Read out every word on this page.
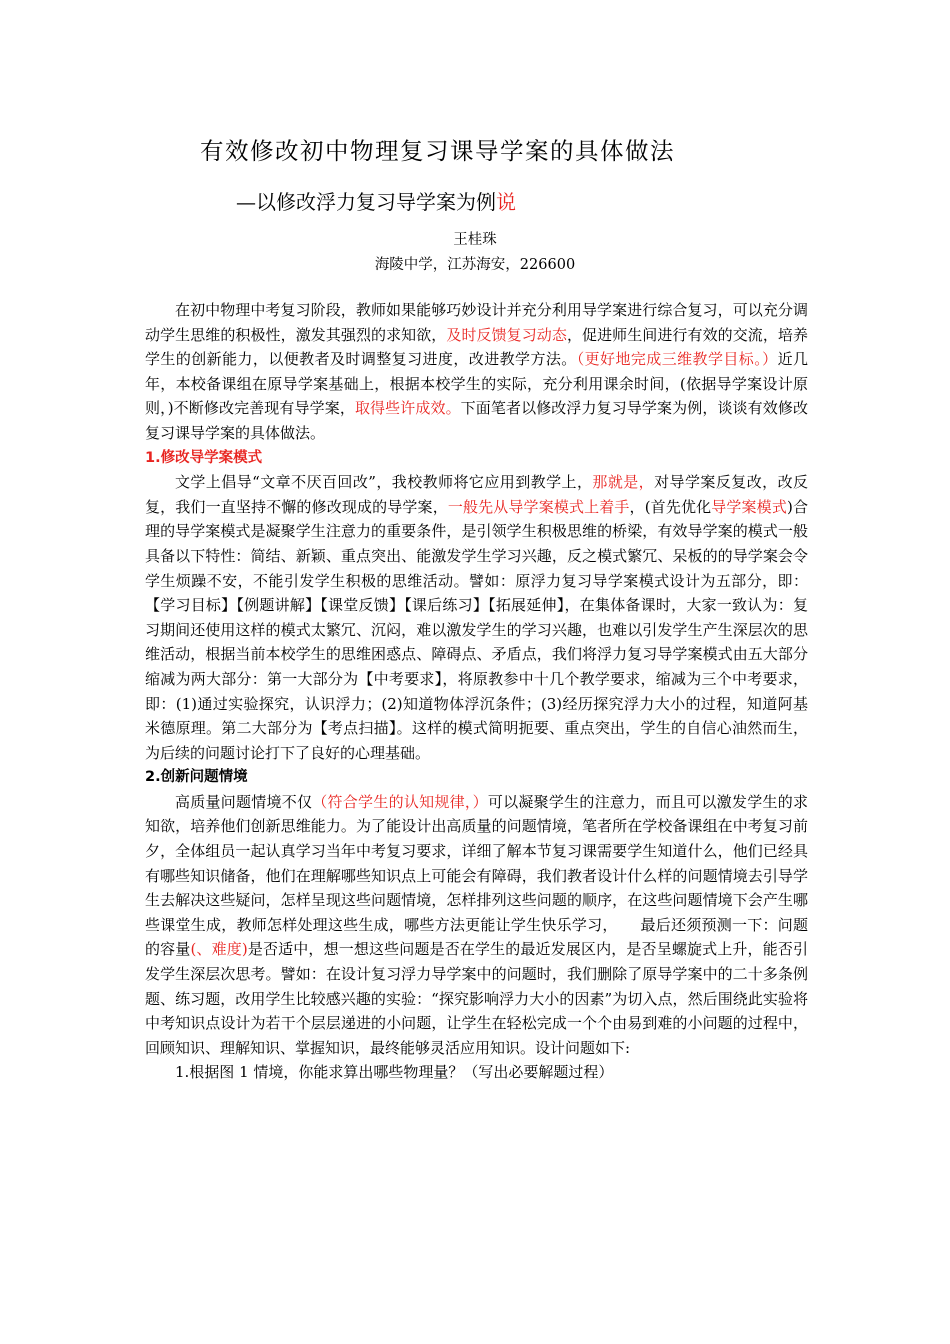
有效修改初中物理复习课导学案的具体做法
—以修改浮力复习导学案为例说
王桂珠
海陵中学，江苏海安，226600

在初中物理中考复习阶段，教师如果能够巧妙设计并充分利用导学案进行综合复习，可以充分调动学生思维的积极性，激发其强烈的求知欲，及时反馈复习动态，促进师生间进行有效的交流，培养学生的创新能力，以便教者及时调整复习进度，改进教学方法。（更好地完成三维教学目标。）近几年，本校备课组在原导学案基础上，根据本校学生的实际，充分利用课余时间，(依据导学案设计原则，)不断修改完善现有导学案，取得些许成效。下面笔者以修改浮力复习导学案为例，谈谈有效修改复习课导学案的具体做法。

1.修改导学案模式

文学上倡导“文章不厌百回改”，我校教师将它应用到教学上，那就是，对导学案反复改，改反复，我们一直坚持不懈的修改现成的导学案，一般先从导学案模式上着手，(首先优化导学案模式)合理的导学案模式是凝聚学生注意力的重要条件，是引领学生积极思维的桥梁，有效导学案的模式一般具备以下特性：简结、新颖、重点突出、能激发学生学习兴趣，反之模式繁冗、呆板的的导学案会令学生烦躁不安，不能引发学生积极的思维活动。譬如：原浮力复习导学案模式设计为五部分，即：【学习目标】【例题讲解】【课堂反馈】【课后练习】【拓展延伸】，在集体备课时，大家一致认为：复习期间还使用这样的模式太繁冗、沉闷，难以激发学生的学习兴趣，也难以引发学生产生深层次的思维活动，根据当前本校学生的思维困惑点、障碍点、矛盾点，我们将浮力复习导学案模式由五大部分缩减为两大部分：第一大部分为【中考要求】，将原教参中十几个教学要求，缩减为三个中考要求，即：(1)通过实验探究，认识浮力；(2)知道物体浮沉条件；(3)经历探究浮力大小的过程，知道阿基米德原理。第二大部分为【考点扫描】。这样的模式简明扼要、重点突出，学生的自信心油然而生，为后续的问题讨论打下了良好的心理基础。

2.创新问题情境

高质量问题情境不仅（符合学生的认知规律，）可以凝聚学生的注意力，而且可以激发学生的求知欲，培养他们创新思维能力。为了能设计出高质量的问题情境，笔者所在学校备课组在中考复习前夕，全体组员一起认真学习当年中考复习要求，详细了解本节复习课需要学生知道什么，他们已经具有哪些知识储备，他们在理解哪些知识点上可能会有障碍，我们教者设计什么样的问题情境去引导学生去解决这些疑问，怎样呈现这些问题情境，怎样排列这些问题的顺序，在这些问题情境下会产生哪些课堂生成，教师怎样处理这些生成，哪些方法更能让学生快乐学习，　　最后还须预测一下：问题的容量(、难度)是否适中，想一想这些问题是否在学生的最近发展区内，是否呈螺旋式上升，能否引发学生深层次思考。譬如：在设计复习浮力导学案中的问题时，我们删除了原导学案中的二十多条例题、练习题，改用学生比较感兴趣的实验：“探究影响浮力大小的因素”为切入点，然后围绕此实验将中考知识点设计为若干个层层递进的小问题，让学生在轻松完成一个个由易到难的小问题的过程中，回顾知识、理解知识、掌握知识，最终能够灵活应用知识。设计问题如下:

1.根据图 1 情境，你能求算出哪些物理量？（写出必要解题过程）
